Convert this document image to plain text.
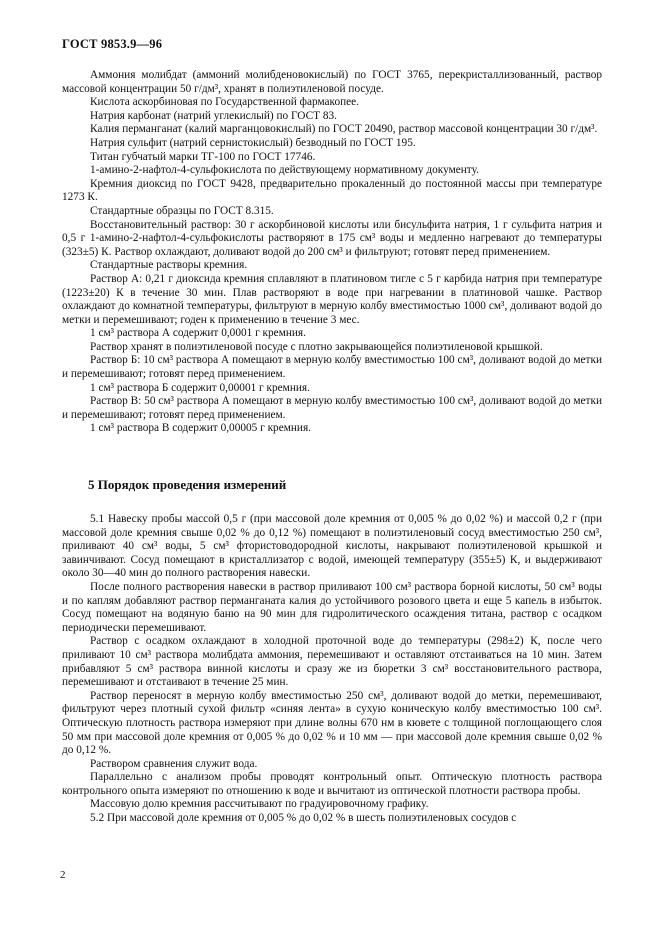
ГОСТ 9853.9—96

Аммония молибдат (аммоний молибденовокислый) по ГОСТ 3765, перекристаллизованный, раствор массовой концентрации 50 г/дм³, хранят в полиэтиленовой посуде.

Кислота аскорбиновая по Государственной фармакопее.

Натрия карбонат (натрий углекислый) по ГОСТ 83.

Калия перманганат (калий марганцовокислый) по ГОСТ 20490, раствор массовой концентрации 30 г/дм³.

Натрия сульфит (натрий сернистокислый) безводный по ГОСТ 195.

Титан губчатый марки ТГ-100 по ГОСТ 17746.

1-амино-2-нафтол-4-сульфокислота по действующему нормативному документу.

Кремния диоксид по ГОСТ 9428, предварительно прокаленный до постоянной массы при температуре 1273 К.

Стандартные образцы по ГОСТ 8.315.

Восстановительный раствор: 30 г аскорбиновой кислоты или бисульфита натрия, 1 г сульфита натрия и 0,5 г 1-амино-2-нафтол-4-сульфокислоты растворяют в 175 см³ воды и медленно нагревают до температуры (323±5) К. Раствор охлаждают, доливают водой до 200 см³ и фильтруют; готовят перед применением.

Стандартные растворы кремния.

Раствор А: 0,21 г диоксида кремния сплавляют в платиновом тигле с 5 г карбида натрия при температуре (1223±20) К в течение 30 мин. Плав растворяют в воде при нагревании в платиновой чашке. Раствор охлаждают до комнатной температуры, фильтруют в мерную колбу вместимостью 1000 см³, доливают водой до метки и перемешивают; годен к применению в течение 3 мес.

1 см³ раствора А содержит 0,0001 г кремния.

Раствор хранят в полиэтиленовой посуде с плотно закрывающейся полиэтиленовой крышкой.

Раствор Б: 10 см³ раствора А помещают в мерную колбу вместимостью 100 см³, доливают водой до метки и перемешивают; готовят перед применением.

1 см³ раствора Б содержит 0,00001 г кремния.

Раствор В: 50 см³ раствора А помещают в мерную колбу вместимостью 100 см³, доливают водой до метки и перемешивают; готовят перед применением.

1 см³ раствора В содержит 0,00005 г кремния.

5 Порядок проведения измерений

5.1 Навеску пробы массой 0,5 г (при массовой доле кремния от 0,005 % до 0,02 %) и массой 0,2 г (при массовой доле кремния свыше 0,02 % до 0,12 %) помещают в полиэтиленовый сосуд вместимостью 250 см³, приливают 40 см³ воды, 5 см³ фтористоводородной кислоты, накрывают полиэтиленовой крышкой и завинчивают. Сосуд помещают в кристаллизатор с водой, имеющей температуру (355±5) К, и выдерживают около 30—40 мин до полного растворения навески.

После полного растворения навески в раствор приливают 100 см³ раствора борной кислоты, 50 см³ воды и по каплям добавляют раствор перманганата калия до устойчивого розового цвета и еще 5 капель в избыток. Сосуд помещают на водяную баню на 90 мин для гидролитического осаждения титана, раствор с осадком периодически перемешивают.

Раствор с осадком охлаждают в холодной проточной воде до температуры (298±2) К, после чего приливают 10 см³ раствора молибдата аммония, перемешивают и оставляют отстаиваться на 10 мин. Затем прибавляют 5 см³ раствора винной кислоты и сразу же из бюретки 3 см³ восстановительного раствора, перемешивают и отстаивают в течение 25 мин.

Раствор переносят в мерную колбу вместимостью 250 см³, доливают водой до метки, перемешивают, фильтруют через плотный сухой фильтр «синяя лента» в сухую коническую колбу вместимостью 100 см³. Оптическую плотность раствора измеряют при длине волны 670 нм в кювете с толщиной поглощающего слоя 50 мм при массовой доле кремния от 0,005 % до 0,02 % и 10 мм — при массовой доле кремния свыше 0,02 % до 0,12 %.

Раствором сравнения служит вода.

Параллельно с анализом пробы проводят контрольный опыт. Оптическую плотность раствора контрольного опыта измеряют по отношению к воде и вычитают из оптической плотности раствора пробы.

Массовую долю кремния рассчитывают по градуировочному графику.

5.2 При массовой доле кремния от 0,005 % до 0,02 % в шесть полиэтиленовых сосудов с

2
